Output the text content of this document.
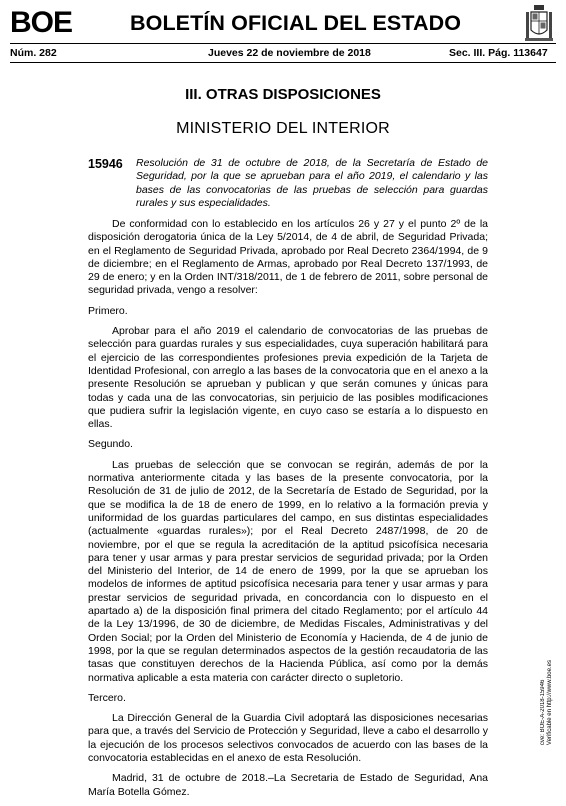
BOE	BOLETÍN OFICIAL DEL ESTADO
Núm. 282	Jueves 22 de noviembre de 2018	Sec. III. Pág. 113647
III. OTRAS DISPOSICIONES
MINISTERIO DEL INTERIOR
15946 Resolución de 31 de octubre de 2018, de la Secretaría de Estado de Seguridad, por la que se aprueban para el año 2019, el calendario y las bases de las convocatorias de las pruebas de selección para guardas rurales y sus especialidades.

De conformidad con lo establecido en los artículos 26 y 27 y el punto 2º de la disposición derogatoria única de la Ley 5/2014, de 4 de abril, de Seguridad Privada; en el Reglamento de Seguridad Privada, aprobado por Real Decreto 2364/1994, de 9 de diciembre; en el Reglamento de Armas, aprobado por Real Decreto 137/1993, de 29 de enero; y en la Orden INT/318/2011, de 1 de febrero de 2011, sobre personal de seguridad privada, vengo a resolver:

Primero.

Aprobar para el año 2019 el calendario de convocatorias de las pruebas de selección para guardas rurales y sus especialidades, cuya superación habilitará para el ejercicio de las correspondientes profesiones previa expedición de la Tarjeta de Identidad Profesional, con arreglo a las bases de la convocatoria que en el anexo a la presente Resolución se aprueban y publican y que serán comunes y únicas para todas y cada una de las convocatorias, sin perjuicio de las posibles modificaciones que pudiera sufrir la legislación vigente, en cuyo caso se estaría a lo dispuesto en ellas.

Segundo.

Las pruebas de selección que se convocan se regirán, además de por la normativa anteriormente citada y las bases de la presente convocatoria, por la Resolución de 31 de julio de 2012, de la Secretaría de Estado de Seguridad, por la que se modifica la de 18 de enero de 1999, en lo relativo a la formación previa y uniformidad de los guardas particulares del campo, en sus distintas especialidades (actualmente «guardas rurales»); por el Real Decreto 2487/1998, de 20 de noviembre, por el que se regula la acreditación de la aptitud psicofísica necesaria para tener y usar armas y para prestar servicios de seguridad privada; por la Orden del Ministerio del Interior, de 14 de enero de 1999, por la que se aprueban los modelos de informes de aptitud psicofísica necesaria para tener y usar armas y para prestar servicios de seguridad privada, en concordancia con lo dispuesto en el apartado a) de la disposición final primera del citado Reglamento; por el artículo 44 de la Ley 13/1996, de 30 de diciembre, de Medidas Fiscales, Administrativas y del Orden Social; por la Orden del Ministerio de Economía y Hacienda, de 4 de junio de 1998, por la que se regulan determinados aspectos de la gestión recaudatoria de las tasas que constituyen derechos de la Hacienda Pública, así como por la demás normativa aplicable a esta materia con carácter directo o supletorio.

Tercero.

La Dirección General de la Guardia Civil adoptará las disposiciones necesarias para que, a través del Servicio de Protección y Seguridad, lleve a cabo el desarrollo y la ejecución de los procesos selectivos convocados de acuerdo con las bases de la convocatoria establecidas en el anexo de esta Resolución.

Madrid, 31 de octubre de 2018.–La Secretaria de Estado de Seguridad, Ana María Botella Gómez.

cve: BOE-A-2018-15946
Verificable en http://www.boe.es
